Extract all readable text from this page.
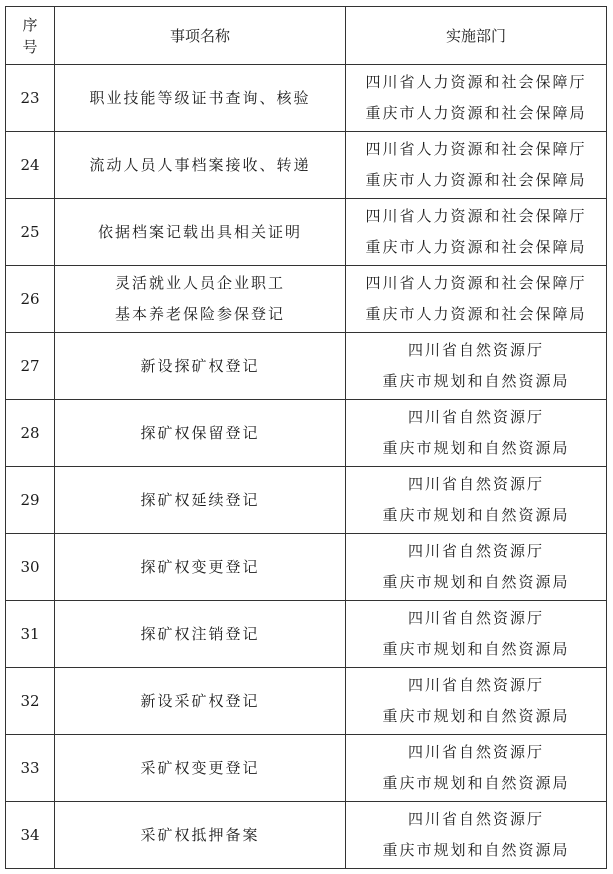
序
号	事项名称	实施部门
23	职业技能等级证书查询、核验	四川省人力资源和社会保障厅
重庆市人力资源和社会保障局

24	流动人员人事档案接收、转递	四川省人力资源和社会保障厅
重庆市人力资源和社会保障局

25	依据档案记载出具相关证明	四川省人力资源和社会保障厅
重庆市人力资源和社会保障局

26	灵活就业人员企业职工
基本养老保险参保登记	四川省人力资源和社会保障厅
重庆市人力资源和社会保障局

27	新设探矿权登记	四川省自然资源厅
重庆市规划和自然资源局

28	探矿权保留登记	四川省自然资源厅
重庆市规划和自然资源局

29	探矿权延续登记	四川省自然资源厅
重庆市规划和自然资源局

30	探矿权变更登记	四川省自然资源厅
重庆市规划和自然资源局

31	探矿权注销登记	四川省自然资源厅
重庆市规划和自然资源局

32	新设采矿权登记	四川省自然资源厅
重庆市规划和自然资源局

33	采矿权变更登记	四川省自然资源厅
重庆市规划和自然资源局

34	采矿权抵押备案	四川省自然资源厅
重庆市规划和自然资源局
